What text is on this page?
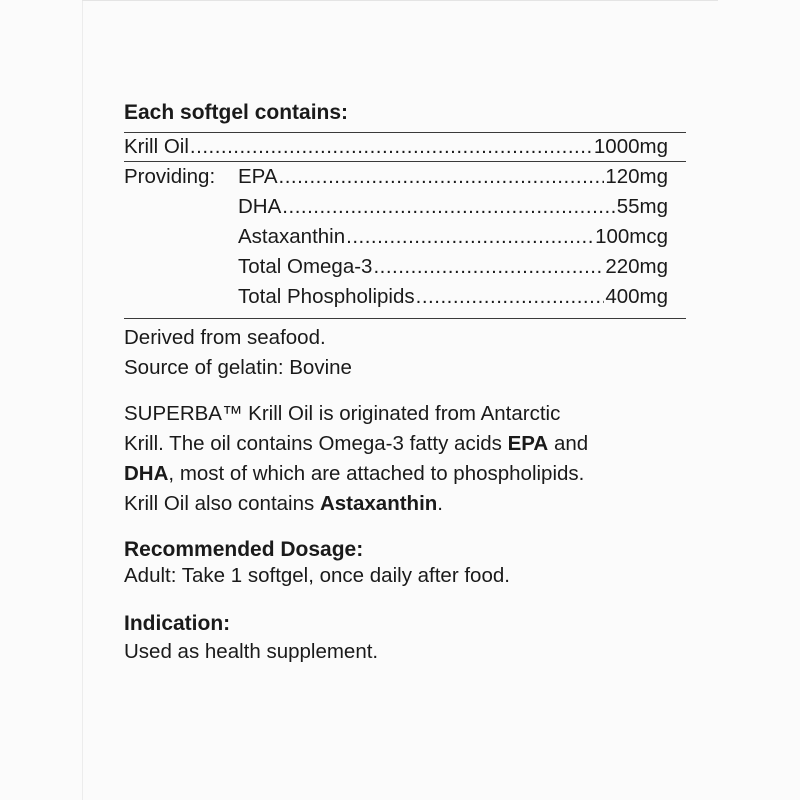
Each softgel contains:
Krill Oil .....	1000mg
Providing: EPA .....	120mg
DHA .....	55mg
Astaxanthin .....	100mcg
Total Omega-3 .....	220mg
Total Phospholipids .....	400mg

Derived from seafood.

Source of gelatin: Bovine

SUPERBA™ Krill Oil is originated from Antarctic

Krill. The oil contains Omega-3 fatty acids EPA and

DHA, most of which are attached to phospholipids.

Krill Oil also contains Astaxanthin.

Recommended Dosage:

Adult: Take 1 softgel, once daily after food.

Indication:

Used as health supplement.
